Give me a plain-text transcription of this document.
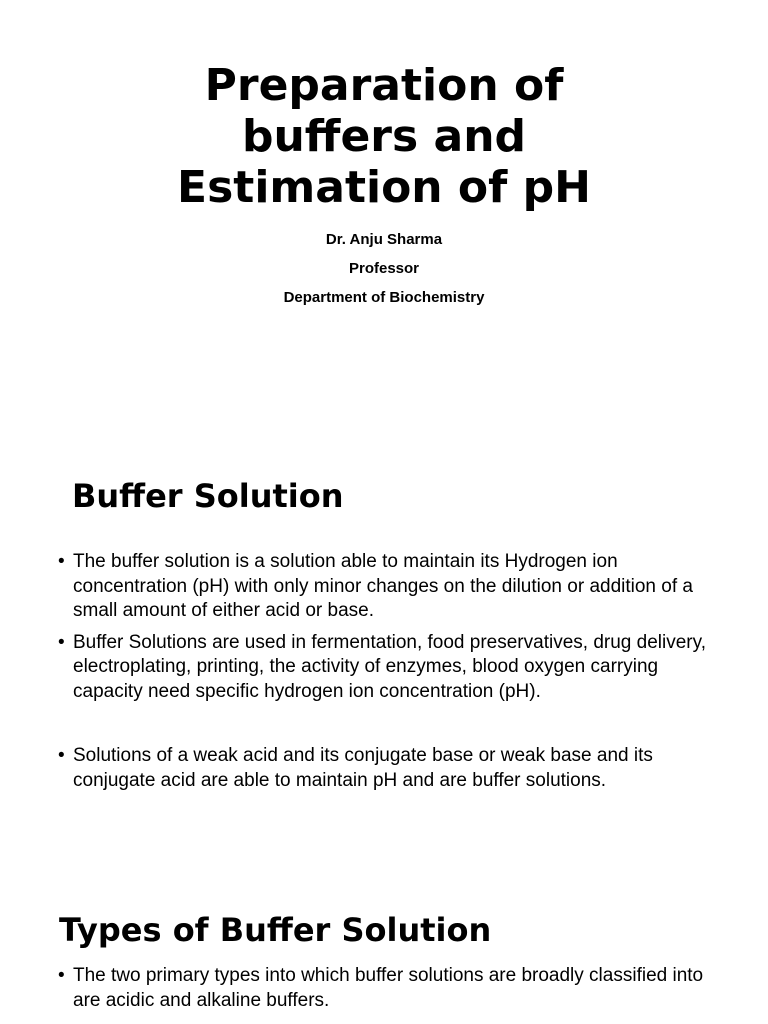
Preparation of
buffers and
Estimation of pH
Dr. Anju Sharma
Professor
Department of Biochemistry
Buffer Solution
• The buffer solution is a solution able to maintain its Hydrogen ion concentration (pH) with only minor changes on the dilution or addition of a small amount of either acid or base.
• Buffer Solutions are used in fermentation, food preservatives, drug delivery, electroplating, printing, the activity of enzymes, blood oxygen carrying capacity need specific hydrogen ion concentration (pH).
• Solutions of a weak acid and its conjugate base or weak base and its conjugate acid are able to maintain pH and are buffer solutions.
Types of Buffer Solution
• The two primary types into which buffer solutions are broadly classified into are acidic and alkaline buffers.
